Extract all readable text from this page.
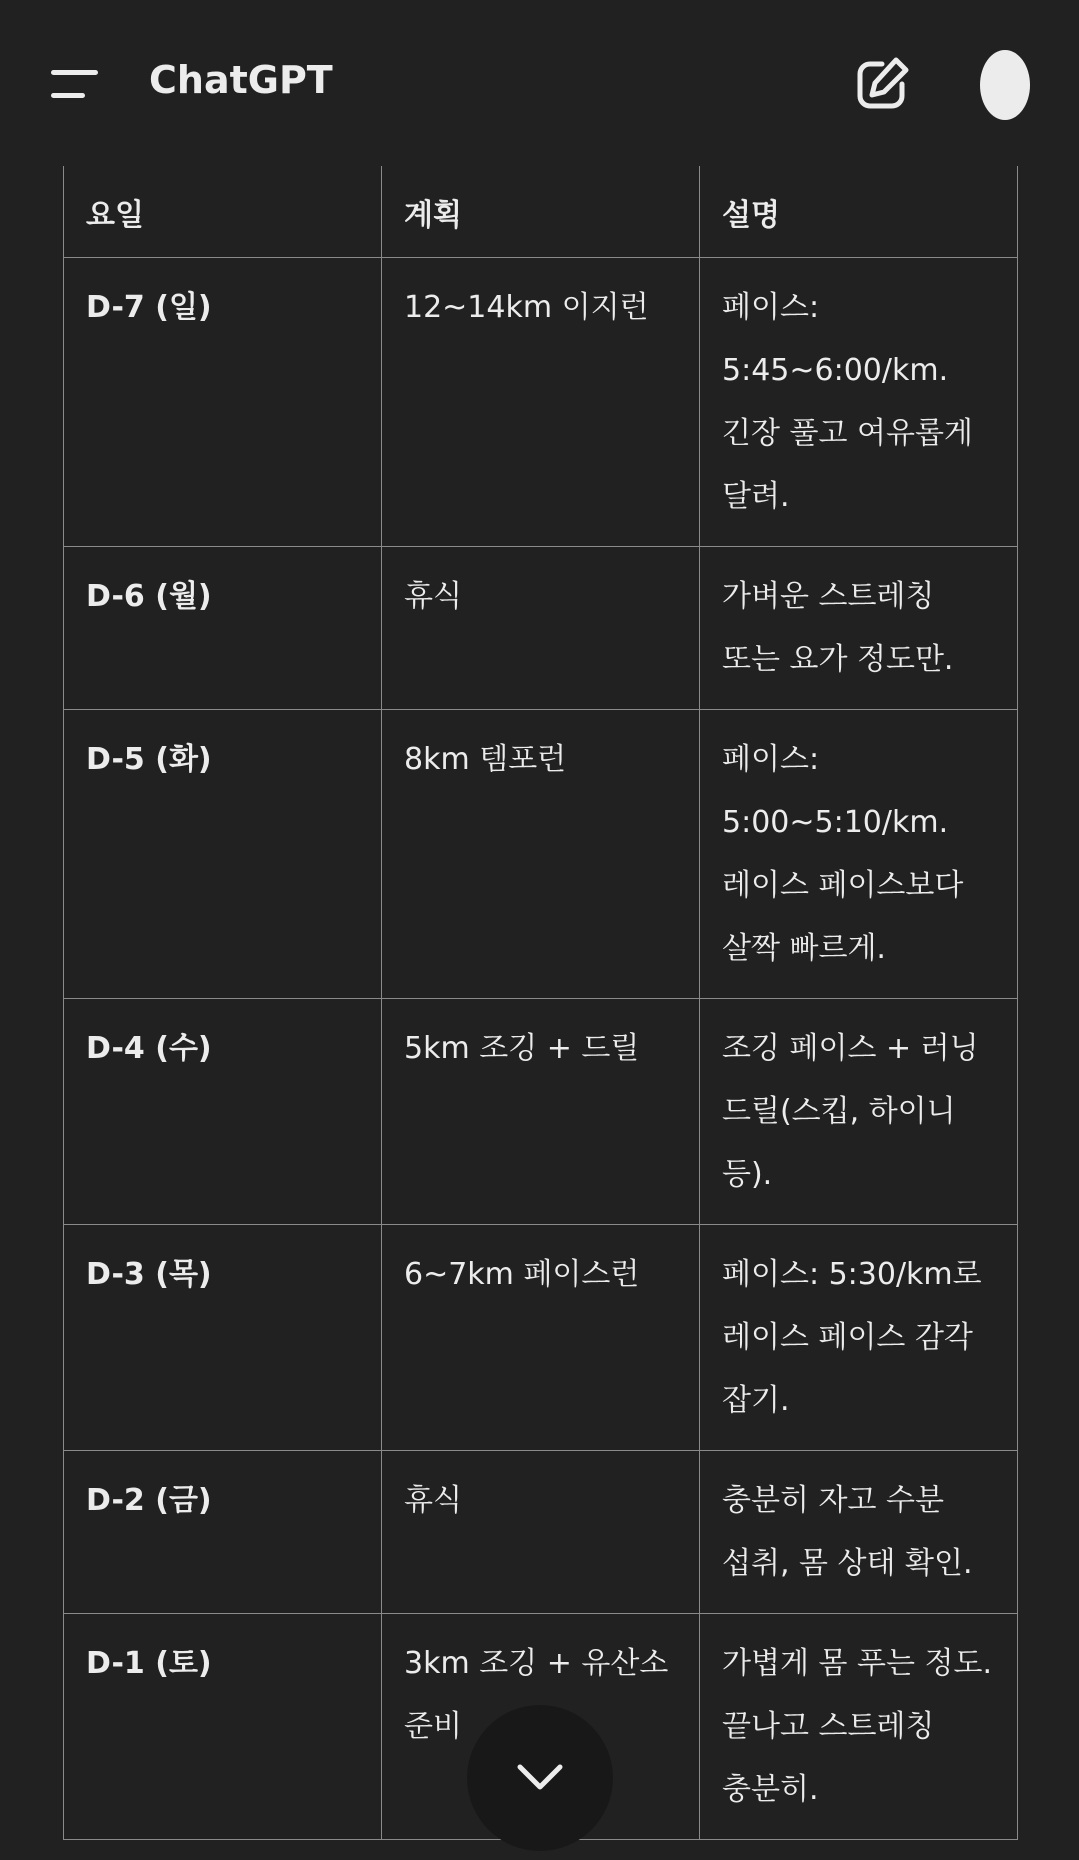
ChatGPT
요일	계획	설명
D-7 (일)	12~14km 이지런	페이스: 5:45~6:00/km. 긴장 풀고 여유롭게 달려.
D-6 (월)	휴식	가벼운 스트레칭 또는 요가 정도만.
D-5 (화)	8km 템포런	페이스: 5:00~5:10/km. 레이스 페이스보다 살짝 빠르게.
D-4 (수)	5km 조깅 + 드릴	조깅 페이스 + 러닝 드릴(스킵, 하이니 등).
D-3 (목)	6~7km 페이스런	페이스: 5:30/km로 레이스 페이스 감각 잡기.
D-2 (금)	휴식	충분히 자고 수분 섭취, 몸 상태 확인.
D-1 (토)	3km 조깅 + 유산소 준비	가볍게 몸 푸는 정도. 끝나고 스트레칭 충분히.
